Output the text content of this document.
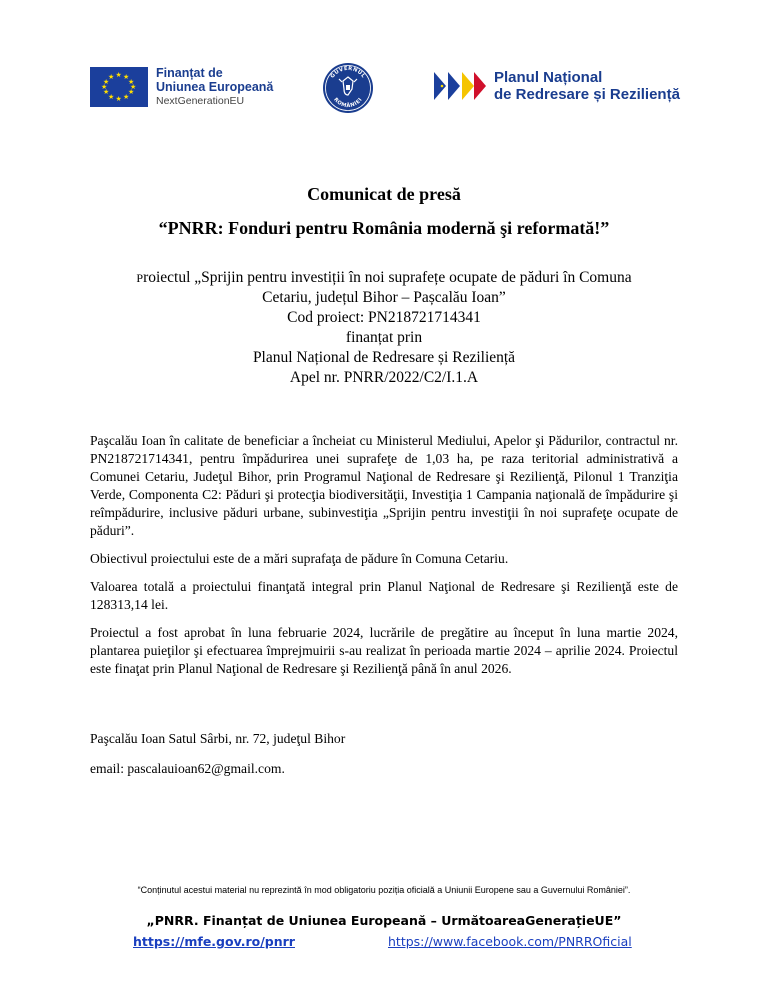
★ ★
★
★
★
★
★
★
★
★
★
★	Finanțat de
Uniunea Europeană
NextGenerationEU
GUVERNUL
ROMÂNIEI
Planul Național
de Redresare și Reziliență
Comunicat de presă
“PNRR: Fonduri pentru România modernă şi reformată!”
Proiectul „Sprijin pentru investiții în noi suprafețe ocupate de păduri în Comuna
Cetariu, județul Bihor – Pașcalău Ioan”
Cod proiect: PN218721714341
finanțat prin
Planul Național de Redresare și Reziliență
Apel nr. PNRR/2022/C2/I.1.A

Paşcalău Ioan în calitate de beneficiar a încheiat cu Ministerul Mediului, Apelor şi Pădurilor, contractul nr. PN218721714341, pentru împădurirea unei suprafeţe de 1,03 ha, pe raza teritorial administrativă a Comunei Cetariu, Judeţul Bihor, prin Programul Naţional de Redresare şi Rezilienţă, Pilonul 1 Tranziţia Verde, Componenta C2: Păduri şi protecţia biodiversităţii, Investiţia 1 Campania naţională de împădurire şi reîmpădurire, inclusive păduri urbane, subinvestiţia „Sprijin pentru investiţii în noi suprafeţe ocupate de păduri”.

Obiectivul proiectului este de a mări suprafaţa de pădure în Comuna Cetariu.

Valoarea totală a proiectului finanţată integral prin Planul Naţional de Redresare şi Rezilienţă este de 128313,14 lei.

Proiectul a fost aprobat în luna februarie 2024, lucrările de pregătire au început în luna martie 2024, plantarea puieţilor şi efectuarea împrejmuirii s-au realizat în perioada martie 2024 – aprilie 2024. Proiectul este finaţat prin Planul Naţional de Redresare şi Rezilienţă până în anul 2026.

Paşcalău Ioan Satul Sârbi, nr. 72, judeţul Bihor

email: pascalauioan62@gmail.com.

“Conținutul acestui material nu reprezintă în mod obligatoriu poziția oficială a Uniunii Europene sau a Guvernului României”.
„PNRR. Finanțat de Uniunea Europeană – UrmătoareaGenerațieUE”
https://mfe.gov.ro/pnrr	https://www.facebook.com/PNRROficial
